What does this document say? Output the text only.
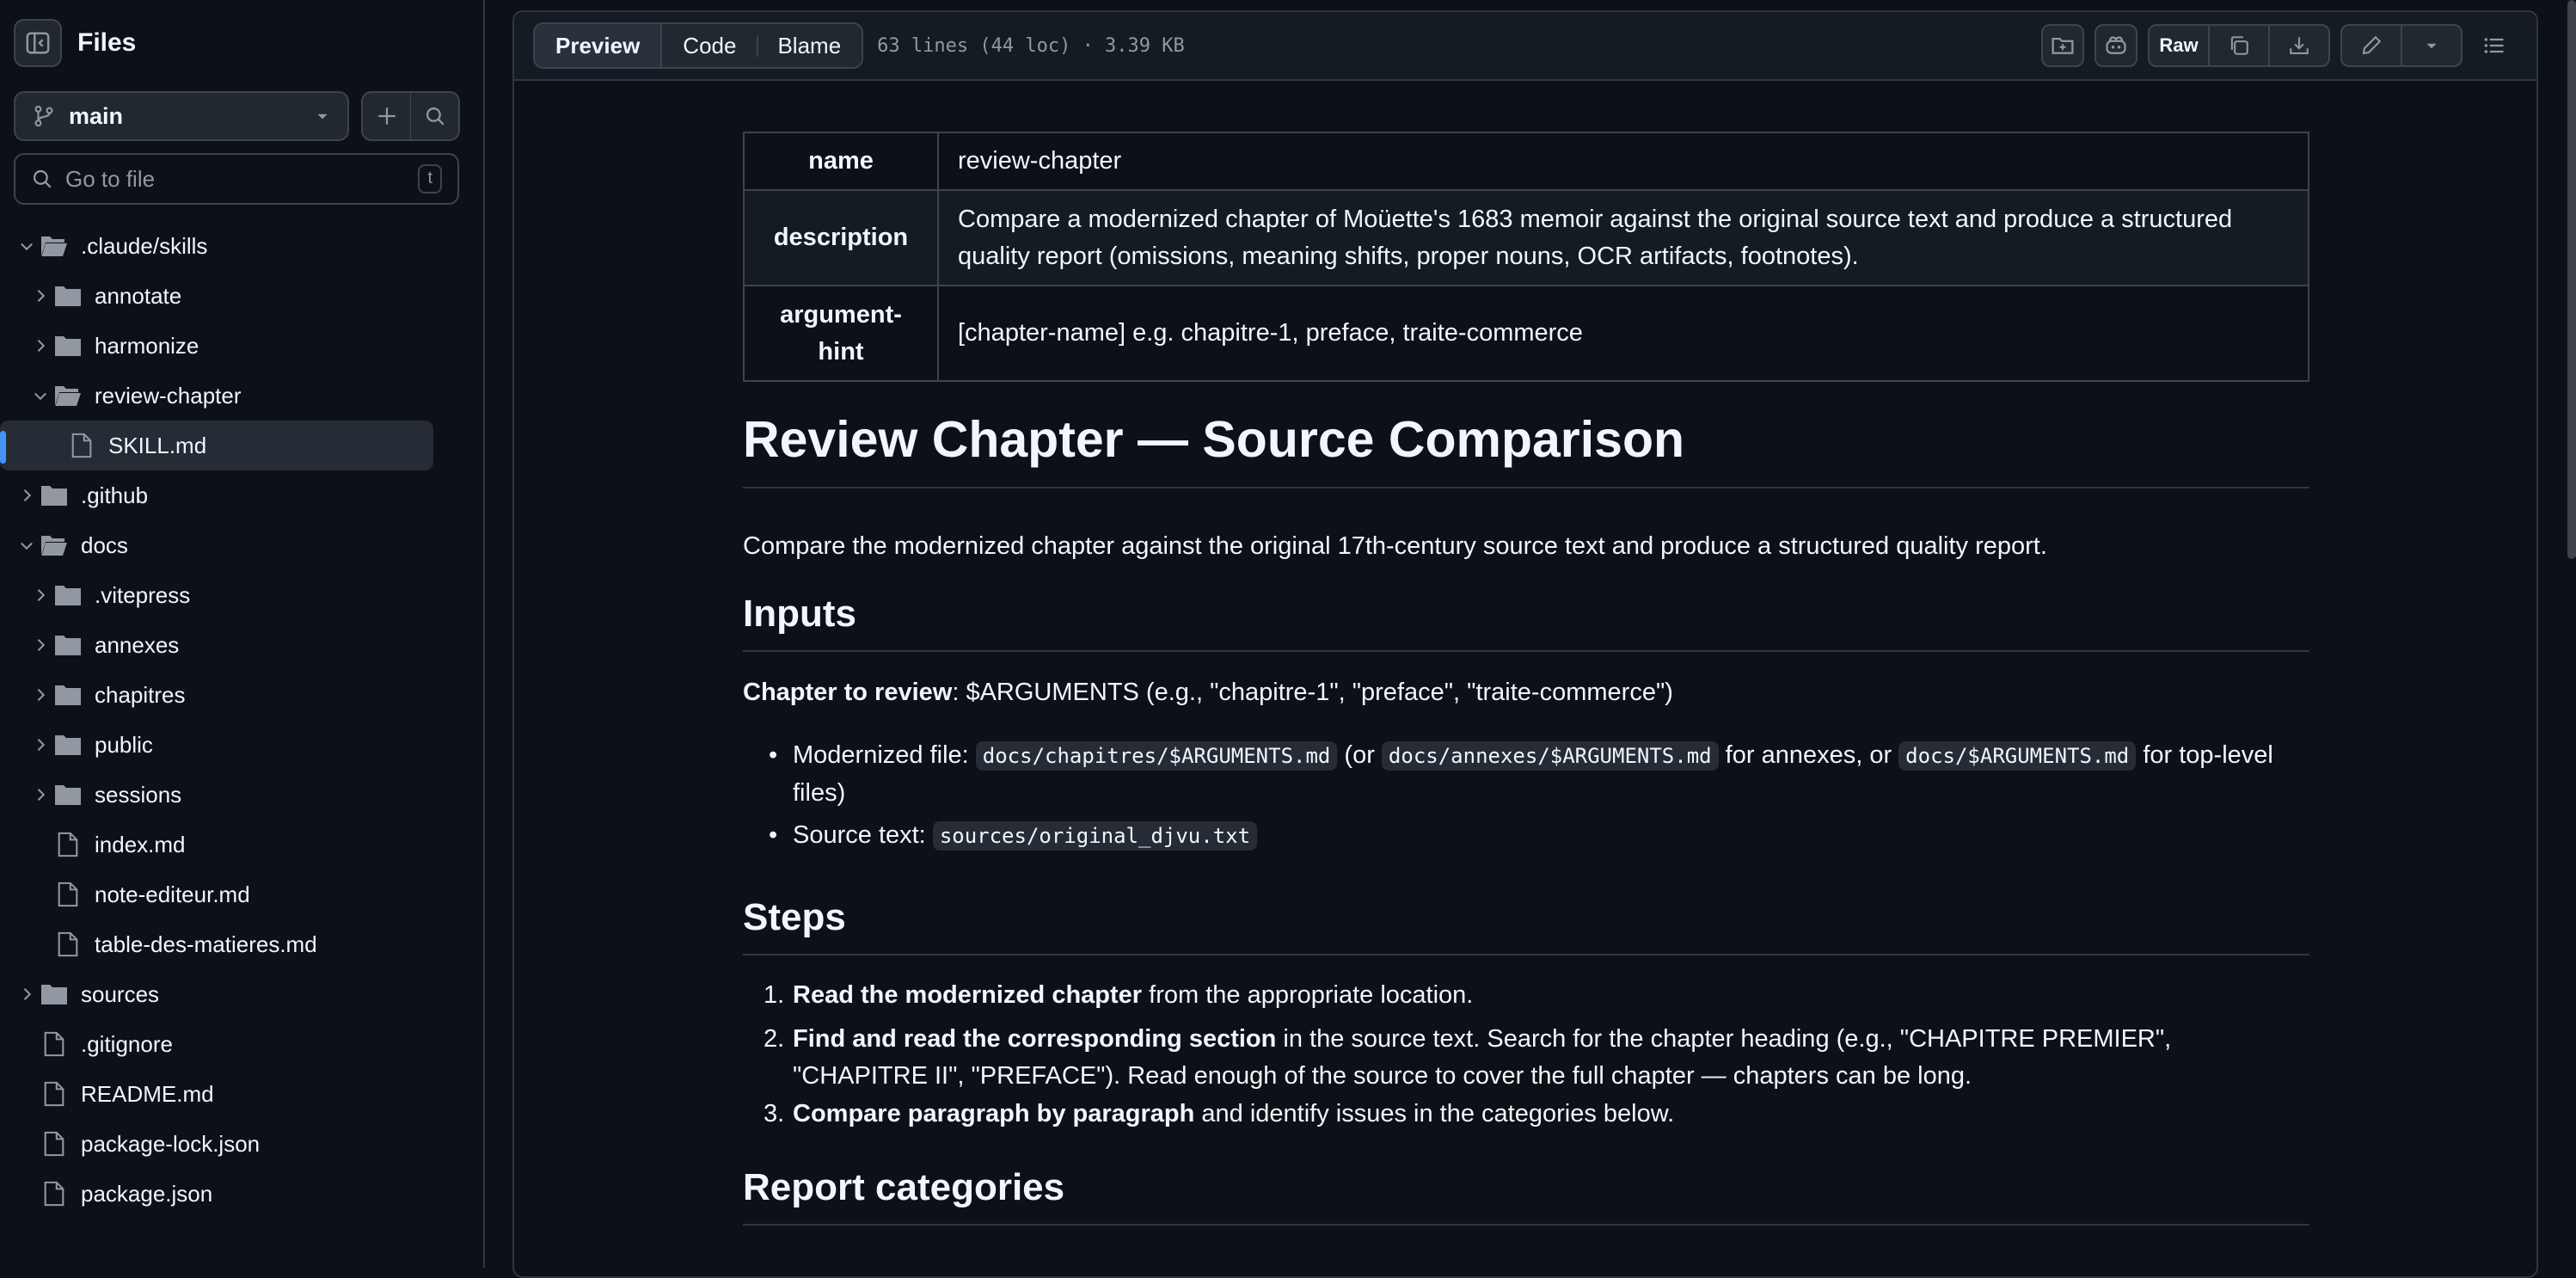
Files
main
Go to file	t
.claude/skills
annotate
harmonize
review-chapter
SKILL.md
.github
docs
.vitepress
annexes
chapitres
public
sessions
index.md
note-editeur.md
table-des-matieres.md
sources
.gitignore
README.md
package-lock.json
package.json
Preview	Code	Blame	63 lines (44 loc) · 3.39 KB	Raw
name	review-chapter
description	Compare a modernized chapter of Moüette's 1683 memoir against the original source text and produce a structured quality report (omissions, meaning shifts, proper nouns, OCR artifacts, footnotes).
argument-hint	[chapter-name] e.g. chapitre-1, preface, traite-commerce
Review Chapter — Source Comparison
Compare the modernized chapter against the original 17th-century source text and produce a structured quality report.
Inputs
Chapter to review: $ARGUMENTS (e.g., "chapitre-1", "preface", "traite-commerce")
• Modernized file: docs/chapitres/$ARGUMENTS.md (or docs/annexes/$ARGUMENTS.md for annexes, or docs/$ARGUMENTS.md for top-level files)
• Source text: sources/original_djvu.txt
Steps
1. Read the modernized chapter from the appropriate location.
2. Find and read the corresponding section in the source text. Search for the chapter heading (e.g., "CHAPITRE PREMIER", "CHAPITRE II", "PREFACE"). Read enough of the source to cover the full chapter — chapters can be long.
3. Compare paragraph by paragraph and identify issues in the categories below.
Report categories
